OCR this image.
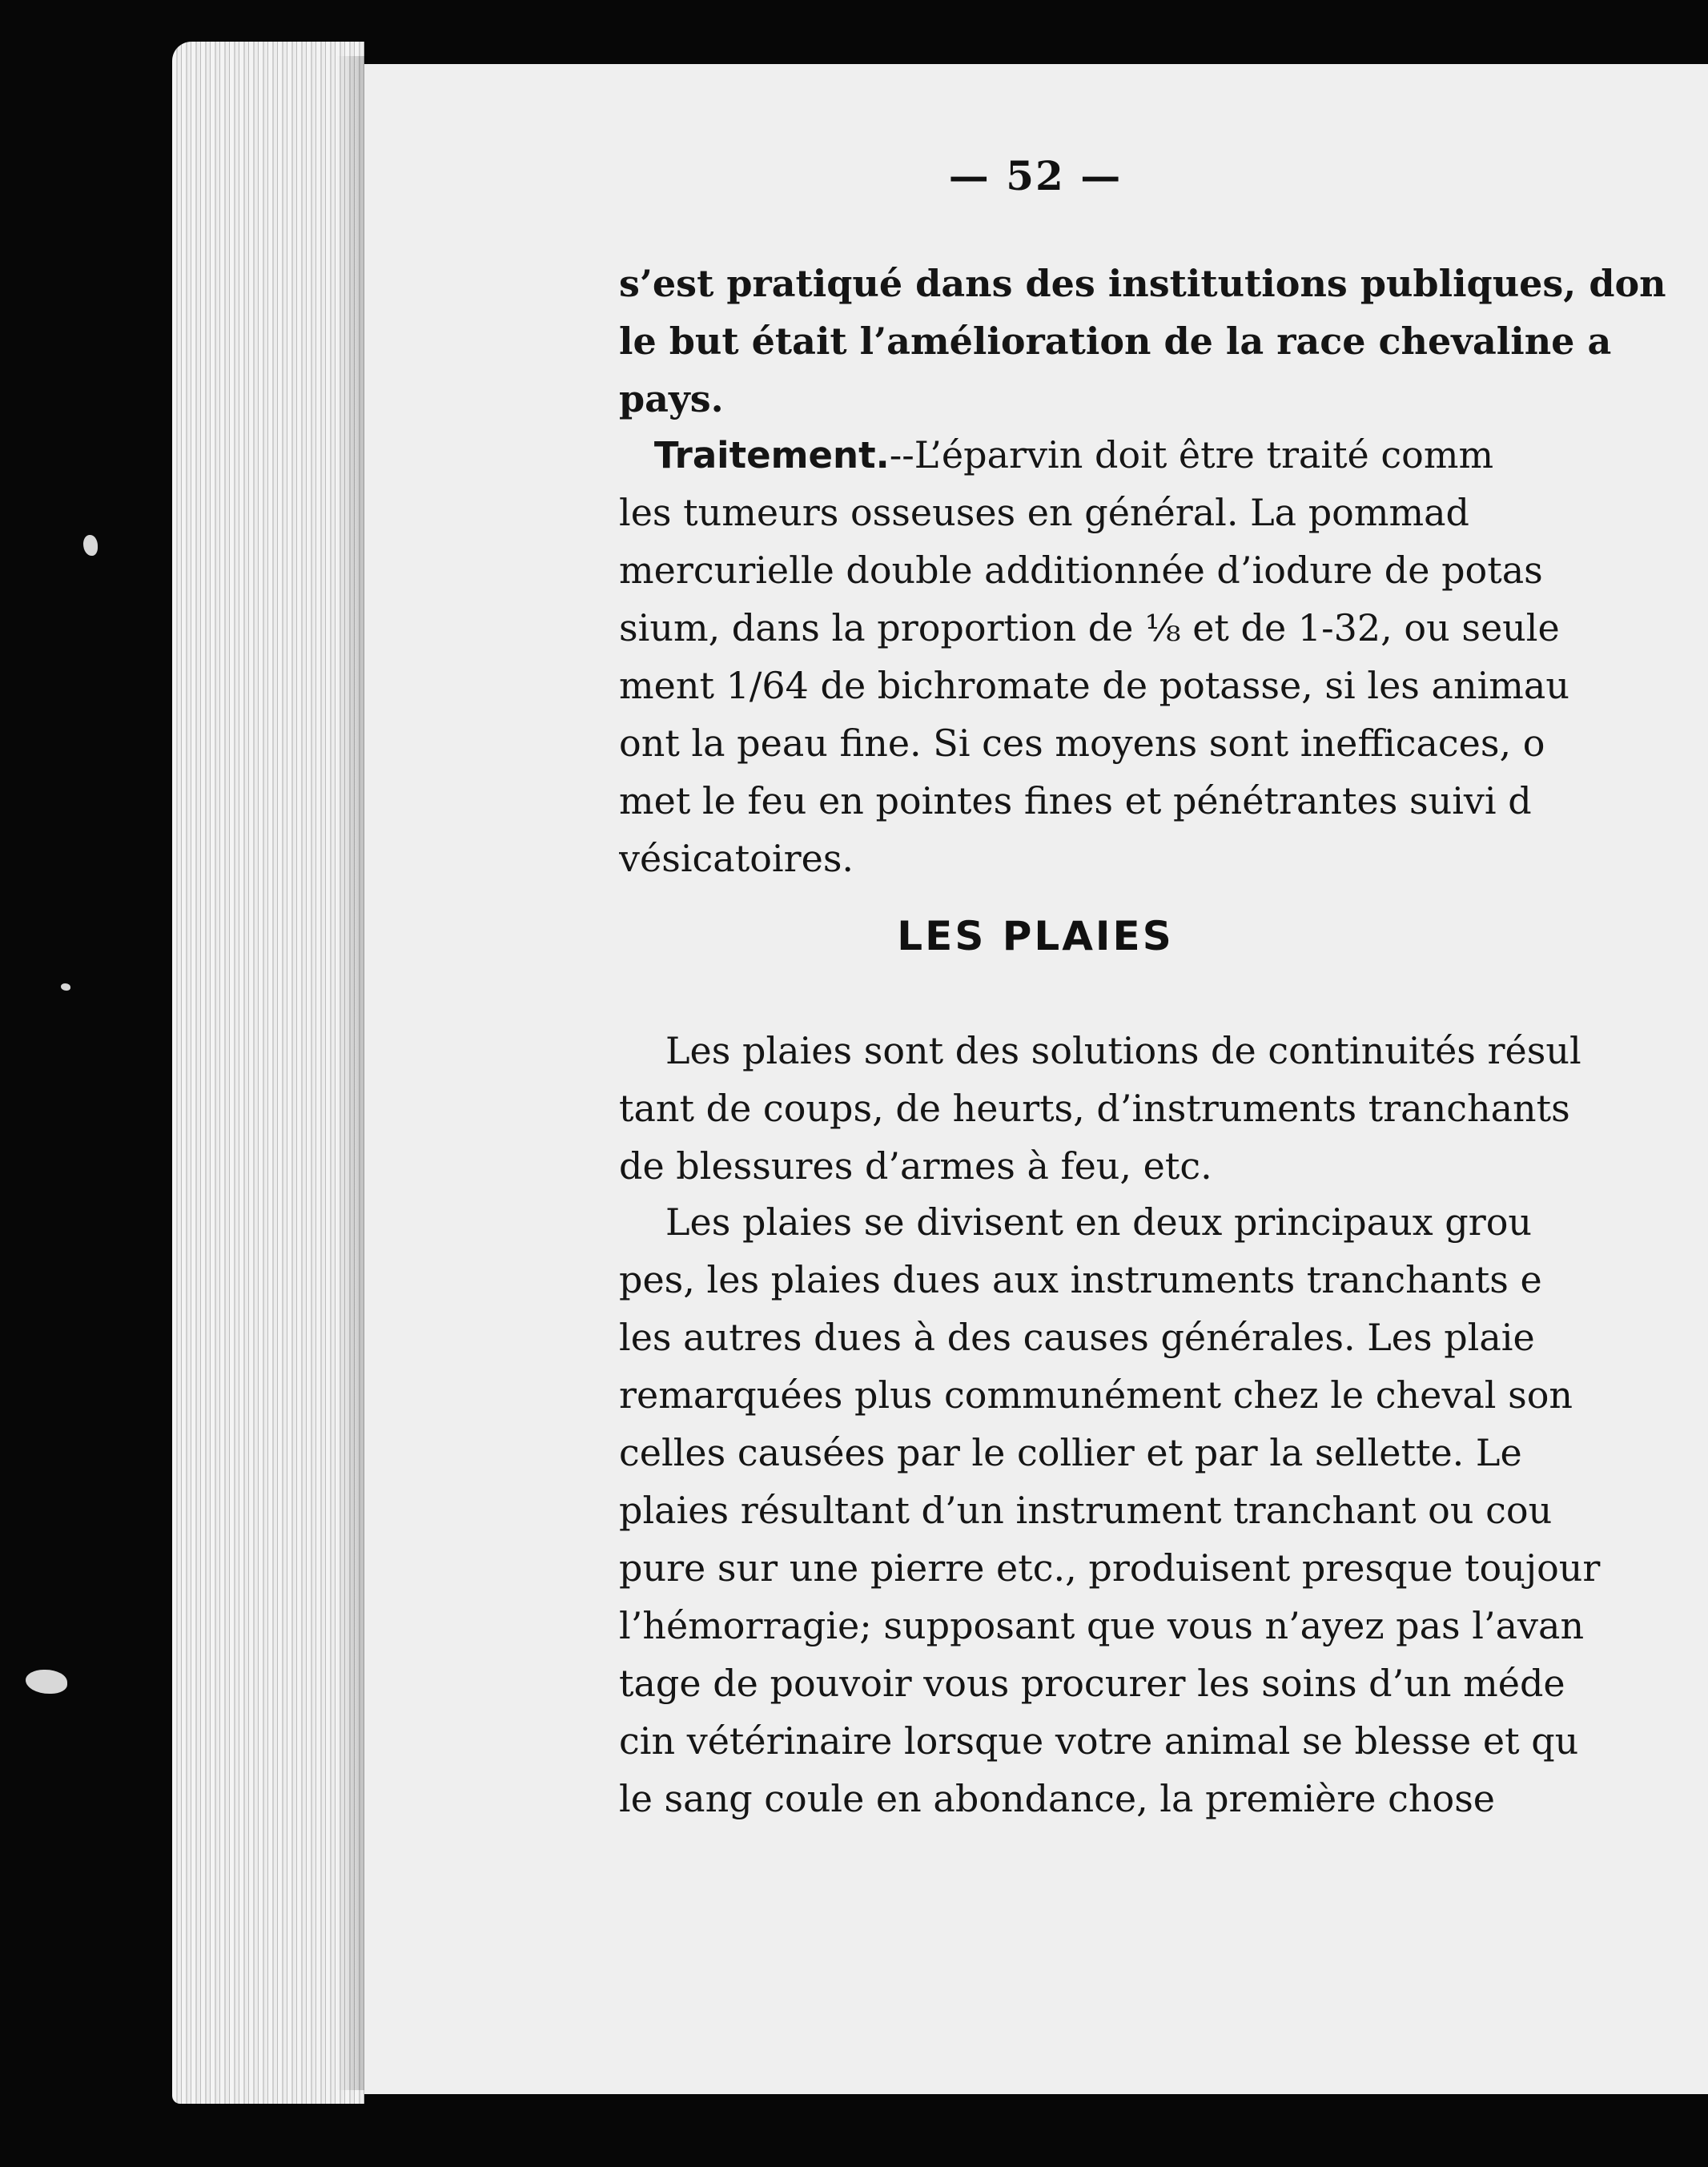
— 52 —

s’est pratiqué dans des institutions publiques, don
le but était l’amélioration de la race chevaline a
pays.

Traitement.--L’éparvin doit être traité comm
les tumeurs osseuses en général. La pommad
mercurielle double additionnée d’iodure de potas
sium, dans la proportion de ⅛ et de 1-32, ou seule
ment 1/64 de bichromate de potasse, si les animau
ont la peau fine. Si ces moyens sont inefficaces, o
met le feu en pointes fines et pénétrantes suivi d
vésicatoires.

LES PLAIES

Les plaies sont des solutions de continuités résul
tant de coups, de heurts, d’instruments tranchants
de blessures d’armes à feu, etc.

Les plaies se divisent en deux principaux grou
pes, les plaies dues aux instruments tranchants e
les autres dues à des causes générales. Les plaie
remarquées plus communément chez le cheval son
celles causées par le collier et par la sellette. Le
plaies résultant d’un instrument tranchant ou cou
pure sur une pierre etc., produisent presque toujour
l’hémorragie; supposant que vous n’ayez pas l’avan
tage de pouvoir vous procurer les soins d’un méde
cin vétérinaire lorsque votre animal se blesse et qu
le sang coule en abondance, la première chose
